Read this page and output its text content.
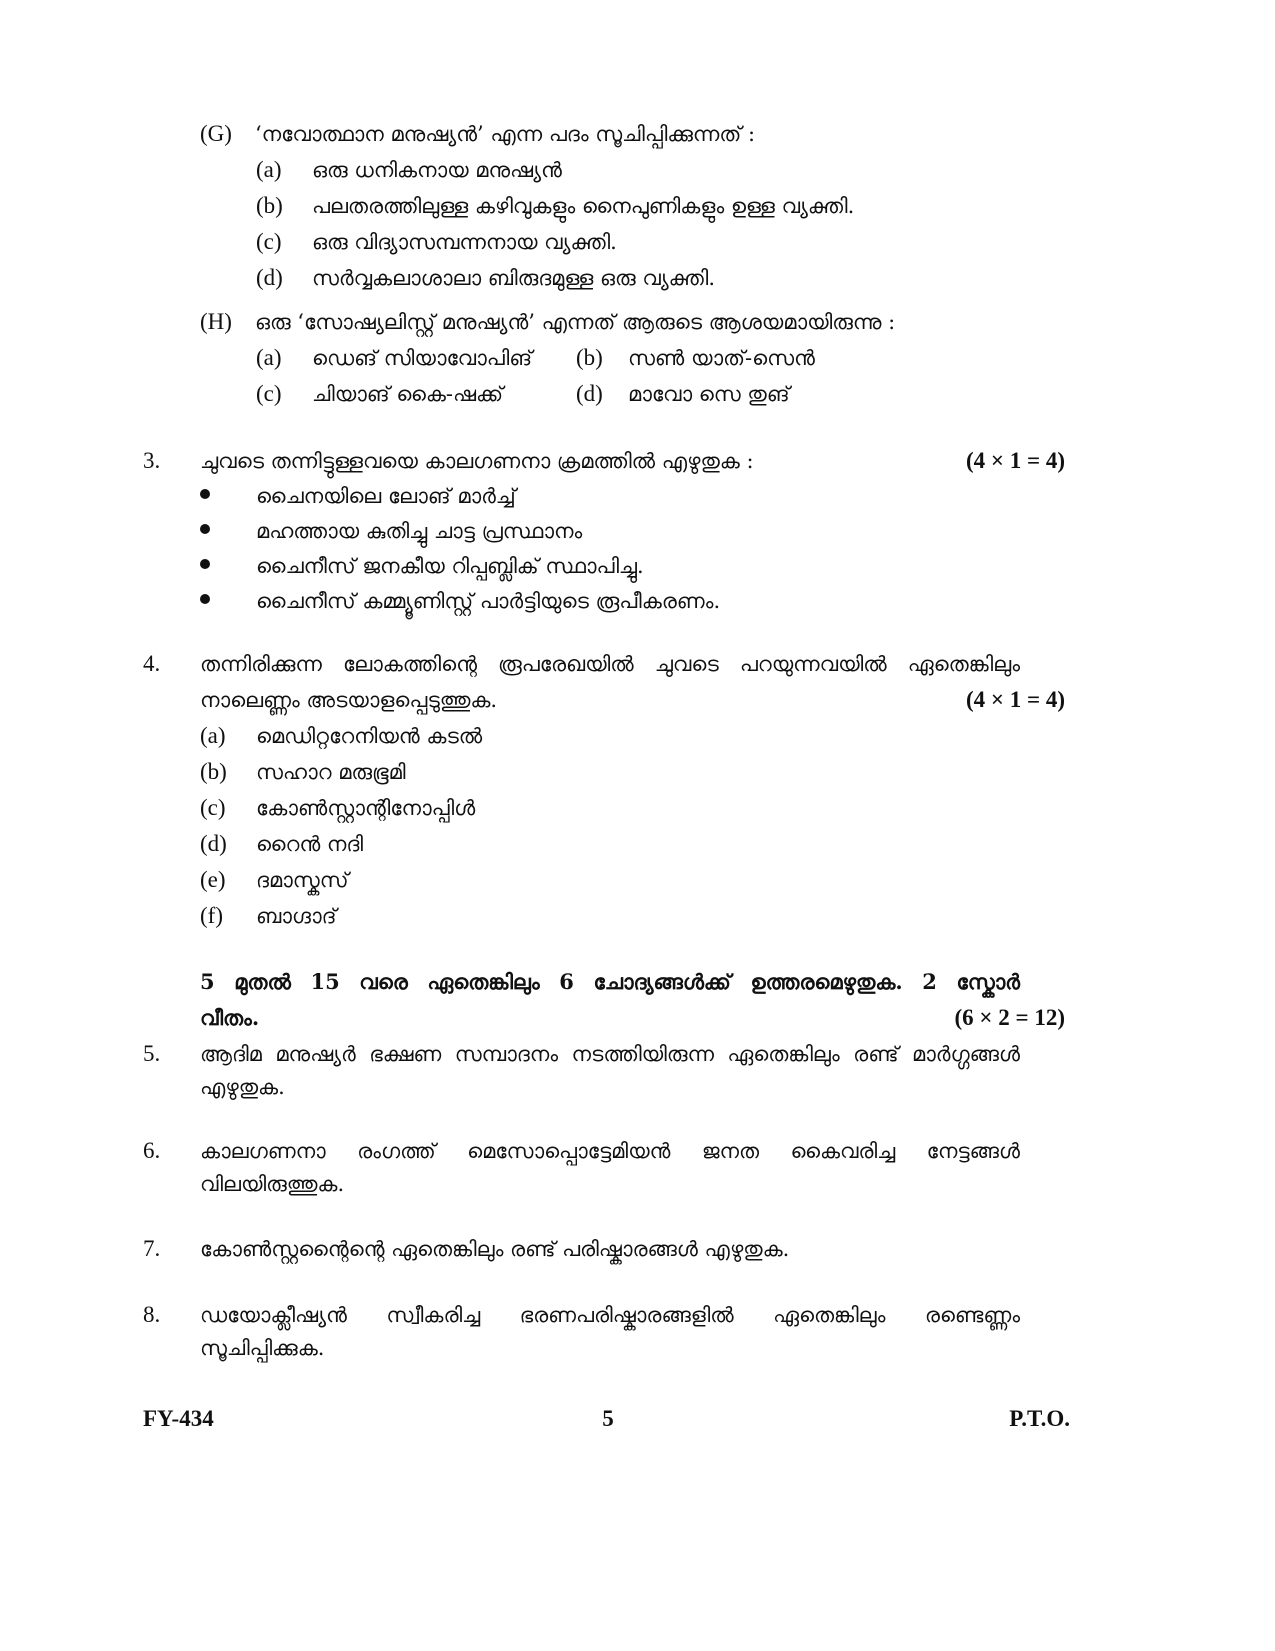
(G) ‘നവോത്ഥാന മനുഷ്യൻ’ എന്ന പദം സൂചിപ്പിക്കുന്നത് :
(a) ഒരു ധനികനായ മനുഷ്യൻ
(b) പലതരത്തിലുള്ള കഴിവുകളും നൈപുണികളും ഉള്ള വ്യക്തി.
(c) ഒരു വിദ്യാസമ്പന്നനായ വ്യക്തി.
(d) സർവ്വകലാശാലാ ബിരുദമുള്ള ഒരു വ്യക്തി.
(H) ഒരു ‘സോഷ്യലിസ്റ്റ് മനുഷ്യൻ’ എന്നത് ആരുടെ ആശയമായിരുന്നു :
(a) ഡെങ് സിയാവോപിങ് (b) സൺ യാത്-സെൻ
(c) ചിയാങ് കൈ-ഷക്ക്	(d) മാവോ സെ തുങ്
3. ചുവടെ തന്നിട്ടുള്ളവയെ കാലഗണനാ ക്രമത്തിൽ എഴുതുക :	(4 × 1 = 4)
ചൈനയിലെ ലോങ് മാർച്ച്
മഹത്തായ കുതിച്ചു ചാട്ട പ്രസ്ഥാനം
ചൈനീസ് ജനകീയ റിപ്പബ്ലിക് സ്ഥാപിച്ചു.
ചൈനീസ് കമ്മ്യൂണിസ്റ്റ് പാർട്ടിയുടെ രൂപീകരണം.
4. തന്നിരിക്കുന്ന ലോകത്തിന്റെ രൂപരേഖയിൽ ചുവടെ പറയുന്നവയിൽ ഏതെങ്കിലും
നാലെണ്ണം അടയാളപ്പെടുത്തുക.	(4 × 1 = 4)
(a) മെഡിറ്ററേനിയൻ കടൽ
(b) സഹാറ മരുഭൂമി
(c) കോൺസ്റ്റാന്റിനോപ്പിൾ
(d) റൈൻ നദി
(e) ദമാസ്കസ്
(f) ബാഗ്ദാദ്
5 മുതൽ 15 വരെ ഏതെങ്കിലും 6 ചോദ്യങ്ങൾക്ക് ഉത്തരമെഴുതുക. 2 സ്കോർ
വീതം.	(6 × 2 = 12)
5. ആദിമ മനുഷ്യർ ഭക്ഷണ സമ്പാദനം നടത്തിയിരുന്ന ഏതെങ്കിലും രണ്ട് മാർഗ്ഗങ്ങൾ
എഴുതുക.
6. കാലഗണനാ രംഗത്ത് മെസോപ്പൊട്ടേമിയൻ ജനത കൈവരിച്ച നേട്ടങ്ങൾ
വിലയിരുത്തുക.
7. കോൺസ്റ്റന്റൈന്റെ ഏതെങ്കിലും രണ്ട് പരിഷ്കാരങ്ങൾ എഴുതുക.
8. ഡയോക്ലീഷ്യൻ സ്വീകരിച്ച ഭരണപരിഷ്കാരങ്ങളിൽ ഏതെങ്കിലും രണ്ടെണ്ണം
സൂചിപ്പിക്കുക.
FY-434	5	P.T.O.
